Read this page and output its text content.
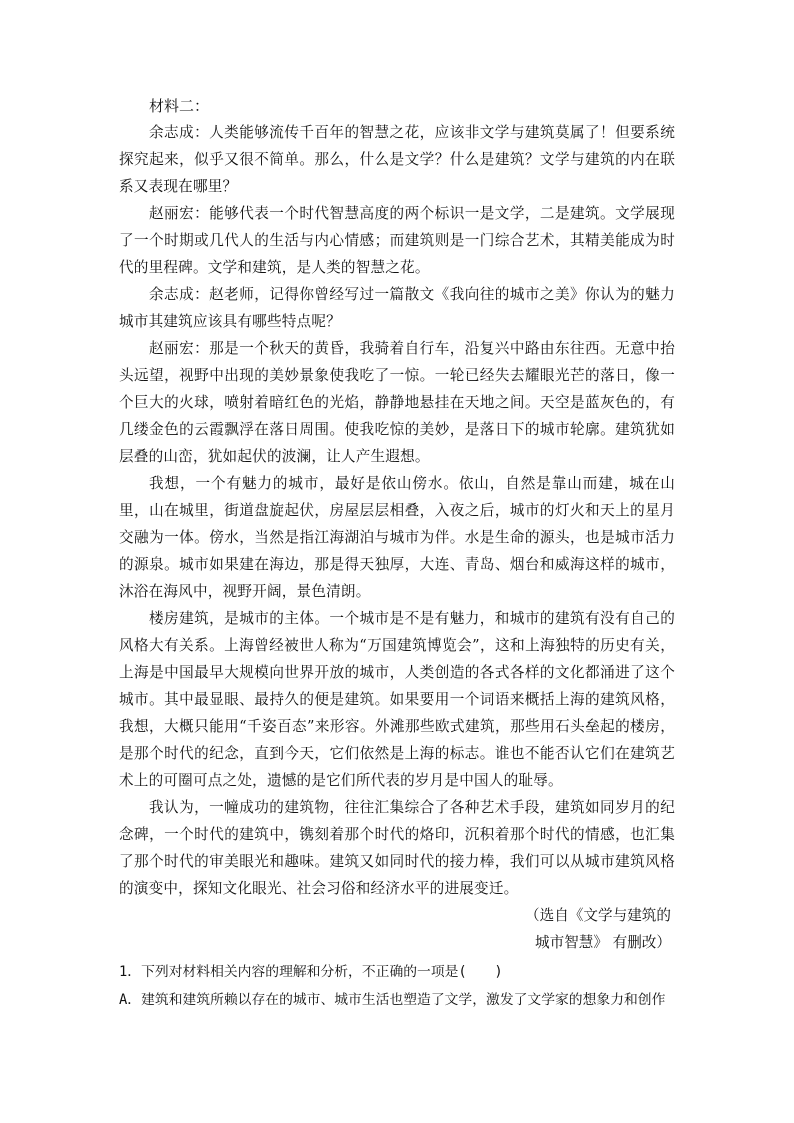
材料二：

余志成：人类能够流传千百年的智慧之花，应该非文学与建筑莫属了！但要系统探究起来，似乎又很不简单。那么，什么是文学？什么是建筑？文学与建筑的内在联系又表现在哪里？

赵丽宏：能够代表一个时代智慧高度的两个标识一是文学，二是建筑。文学展现了一个时期或几代人的生活与内心情感；而建筑则是一门综合艺术，其精美能成为时代的里程碑。文学和建筑，是人类的智慧之花。

余志成：赵老师，记得你曾经写过一篇散文《我向往的城市之美》你认为的魅力城市其建筑应该具有哪些特点呢？

赵丽宏：那是一个秋天的黄昏，我骑着自行车，沿复兴中路由东往西。无意中抬头远望，视野中出现的美妙景象使我吃了一惊。一轮已经失去耀眼光芒的落日，像一个巨大的火球，喷射着暗红色的光焰，静静地悬挂在天地之间。天空是蓝灰色的，有几缕金色的云霞飘浮在落日周围。使我吃惊的美妙，是落日下的城市轮廓。建筑犹如层叠的山峦，犹如起伏的波澜，让人产生遐想。

我想，一个有魅力的城市，最好是依山傍水。依山，自然是靠山而建，城在山里，山在城里，街道盘旋起伏，房屋层层相叠，入夜之后，城市的灯火和天上的星月交融为一体。傍水，当然是指江海湖泊与城市为伴。水是生命的源头，也是城市活力的源泉。城市如果建在海边，那是得天独厚，大连、青岛、烟台和威海这样的城市，沐浴在海风中，视野开阔，景色清朗。

楼房建筑，是城市的主体。一个城市是不是有魅力，和城市的建筑有没有自己的风格大有关系。上海曾经被世人称为“万国建筑博览会”，这和上海独特的历史有关，上海是中国最早大规模向世界开放的城市，人类创造的各式各样的文化都涌进了这个城市。其中最显眼、最持久的便是建筑。如果要用一个词语来概括上海的建筑风格，我想，大概只能用“千姿百态”来形容。外滩那些欧式建筑，那些用石头垒起的楼房，是那个时代的纪念，直到今天，它们依然是上海的标志。谁也不能否认它们在建筑艺术上的可圈可点之处，遗憾的是它们所代表的岁月是中国人的耻辱。

我认为，一幢成功的建筑物，往往汇集综合了各种艺术手段，建筑如同岁月的纪念碑，一个时代的建筑中，镌刻着那个时代的烙印，沉积着那个时代的情感，也汇集了那个时代的审美眼光和趣味。建筑又如同时代的接力棒，我们可以从城市建筑风格的演变中，探知文化眼光、社会习俗和经济水平的进展变迁。

（选自《文学与建筑的
城市智慧》 有删改）

1．下列对材料相关内容的理解和分析，不正确的一项是(　　)

A．建筑和建筑所赖以存在的城市、城市生活也塑造了文学，激发了文学家的想象力和创作
